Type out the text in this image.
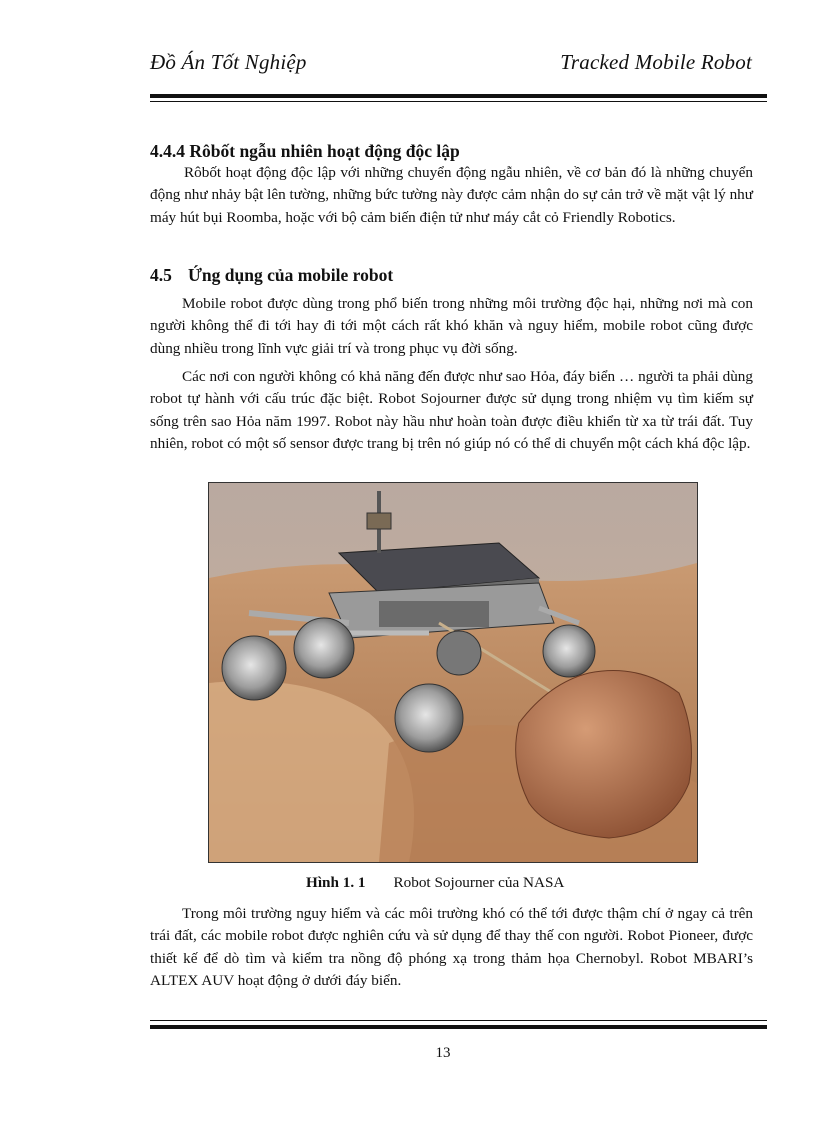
Đồ Án Tốt Nghiệp	Tracked Mobile Robot
4.4.4 Rôbốt ngẫu nhiên hoạt động độc lập

Rôbốt hoạt động độc lập với những chuyển động ngẫu nhiên, về cơ bản đó là những chuyển động như nhảy bật lên tường, những bức tường này được cảm nhận do sự cản trở về mặt vật lý như máy hút bụi Roomba, hoặc với bộ cảm biến điện tử như máy cắt cỏ Friendly Robotics.

4.5 Ứng dụng của mobile robot

Mobile robot được dùng trong phổ biến trong những môi trường độc hại, những nơi mà con người không thể đi tới hay đi tới một cách rất khó khăn và nguy hiểm, mobile robot cũng được dùng nhiều trong lĩnh vực giải trí và trong phục vụ đời sống.

Các nơi con người không có khả năng đến được như sao Hỏa, đáy biển … người ta phải dùng robot tự hành với cấu trúc đặc biệt. Robot Sojourner được sử dụng trong nhiệm vụ tìm kiếm sự sống trên sao Hỏa năm 1997. Robot này hầu như hoàn toàn được điều khiển từ xa từ trái đất. Tuy nhiên, robot có một số sensor được trang bị trên nó giúp nó có thể di chuyển một cách khá độc lập.

Hình 1. 1 Robot Sojourner của NASA

Trong môi trường nguy hiểm và các môi trường khó có thể tới được thậm chí ở ngay cả trên trái đất, các mobile robot được nghiên cứu và sử dụng để thay thế con người. Robot Pioneer, được thiết kế để dò tìm và kiểm tra nồng độ phóng xạ trong thảm họa Chernobyl. Robot MBARI’s ALTEX AUV hoạt động ở dưới đáy biển.

13
